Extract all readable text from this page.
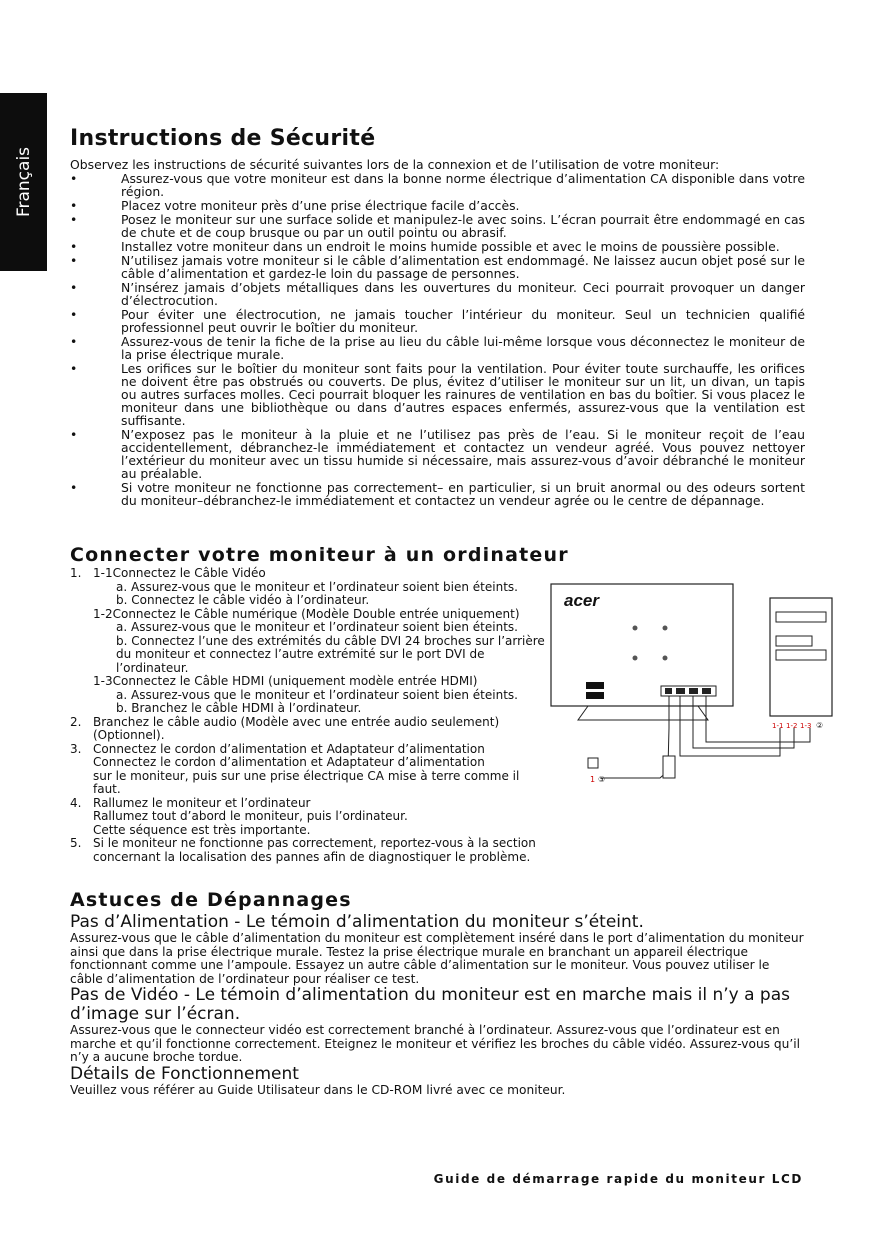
Français
Instructions de Sécurité

Observez les instructions de sécurité suivantes lors de la connexion et de l’utilisation de votre moniteur:

• Assurez-vous que votre moniteur est dans la bonne norme électrique d’alimentation CA disponible dans votre région.
• Placez votre moniteur près d’une prise électrique facile d’accès.
• Posez le moniteur sur une surface solide et manipulez-le avec soins. L’écran pourrait être endommagé en cas de chute et de coup brusque ou par un outil pointu ou abrasif.
• Installez votre moniteur dans un endroit le moins humide possible et avec le moins de poussière possible.
• N’utilisez jamais votre moniteur si le câble d’alimentation est endommagé. Ne laissez aucun objet posé sur le câble d’alimentation et gardez-le loin du passage de personnes.
• N’insérez jamais d’objets métalliques dans les ouvertures du moniteur. Ceci pourrait provoquer un danger d’électrocution.
• Pour éviter une électrocution, ne jamais toucher l’intérieur du moniteur. Seul un technicien qualifié professionnel peut ouvrir le boîtier du moniteur.
• Assurez-vous de tenir la fiche de la prise au lieu du câble lui-même lorsque vous déconnectez le moniteur de la prise électrique murale.
• Les orifices sur le boîtier du moniteur sont faits pour la ventilation. Pour éviter toute surchauffe, les orifices ne doivent être pas obstrués ou couverts. De plus, évitez d’utiliser le moniteur sur un lit, un divan, un tapis ou autres surfaces molles. Ceci pourrait bloquer les rainures de ventilation en bas du boîtier. Si vous placez le moniteur dans une bibliothèque ou dans d’autres espaces enfermés, assurez-vous que la ventilation est suffisante.
• N’exposez pas le moniteur à la pluie et ne l’utilisez pas près de l’eau. Si le moniteur reçoit de l’eau accidentellement, débranchez-le immédiatement et contactez un vendeur agréé. Vous pouvez nettoyer l’extérieur du moniteur avec un tissu humide si nécessaire, mais assurez-vous d’avoir débranché le moniteur au préalable.
• Si votre moniteur ne fonctionne pas correctement– en particulier, si un bruit anormal ou des odeurs sortent du moniteur–débranchez-le immédiatement et contactez un vendeur agrée ou le centre de dépannage.
Connecter votre moniteur à un ordinateur
1. 1-1Connectez le Câble Vidéo
a. Assurez-vous que le moniteur et l’ordinateur soient bien éteints.
b. Connectez le câble vidéo à l’ordinateur.
1-2Connectez le Câble numérique (Modèle Double entrée uniquement)
a. Assurez-vous que le moniteur et l’ordinateur soient bien éteints.
b. Connectez l’une des extrémités du câble DVI 24 broches sur l’arrière du moniteur et connectez l’autre extrémité sur le port DVI de l’ordinateur.
1-3Connectez le Câble HDMI (uniquement modèle entrée HDMI)
a. Assurez-vous que le moniteur et l’ordinateur soient bien éteints.
b. Branchez le câble HDMI à l’ordinateur.
2. Branchez le câble audio (Modèle avec une entrée audio seulement)
(Optionnel).
3. Connectez le cordon d’alimentation et Adaptateur d’alimentation
Connectez le cordon d’alimentation et Adaptateur d’alimentation
sur le moniteur, puis sur une prise électrique CA mise à terre comme il faut.
4. Rallumez le moniteur et l’ordinateur
Rallumez tout d’abord le moniteur, puis l’ordinateur.
Cette séquence est très importante.
5. Si le moniteur ne fonctionne pas correctement, reportez-vous à la section concernant la localisation des pannes afin de diagnostiquer le problème.
acer
1 ③
1-1 1-2 1-3 ②
Astuces de Dépannages
Pas d’Alimentation - Le témoin d’alimentation du moniteur s’éteint.

Assurez-vous que le câble d’alimentation du moniteur est complètement inséré dans le port d’alimentation du moniteur ainsi que dans la prise électrique murale. Testez la prise électrique murale en branchant un appareil électrique fonctionnant comme une l’ampoule. Essayez un autre câble d’alimentation sur le moniteur. Vous pouvez utiliser le câble d’alimentation de l’ordinateur pour réaliser ce test.

Pas de Vidéo - Le témoin d’alimentation du moniteur est en marche mais il n’y a pas d’image sur l’écran.

Assurez-vous que le connecteur vidéo est correctement branché à l’ordinateur. Assurez-vous que l’ordinateur est en marche et qu’il fonctionne correctement. Eteignez le moniteur et vérifiez les broches du câble vidéo. Assurez-vous qu’il n’y a aucune broche tordue.

Détails de Fonctionnement

Veuillez vous référer au Guide Utilisateur dans le CD-ROM livré avec ce moniteur.

Guide de démarrage rapide du moniteur LCD
